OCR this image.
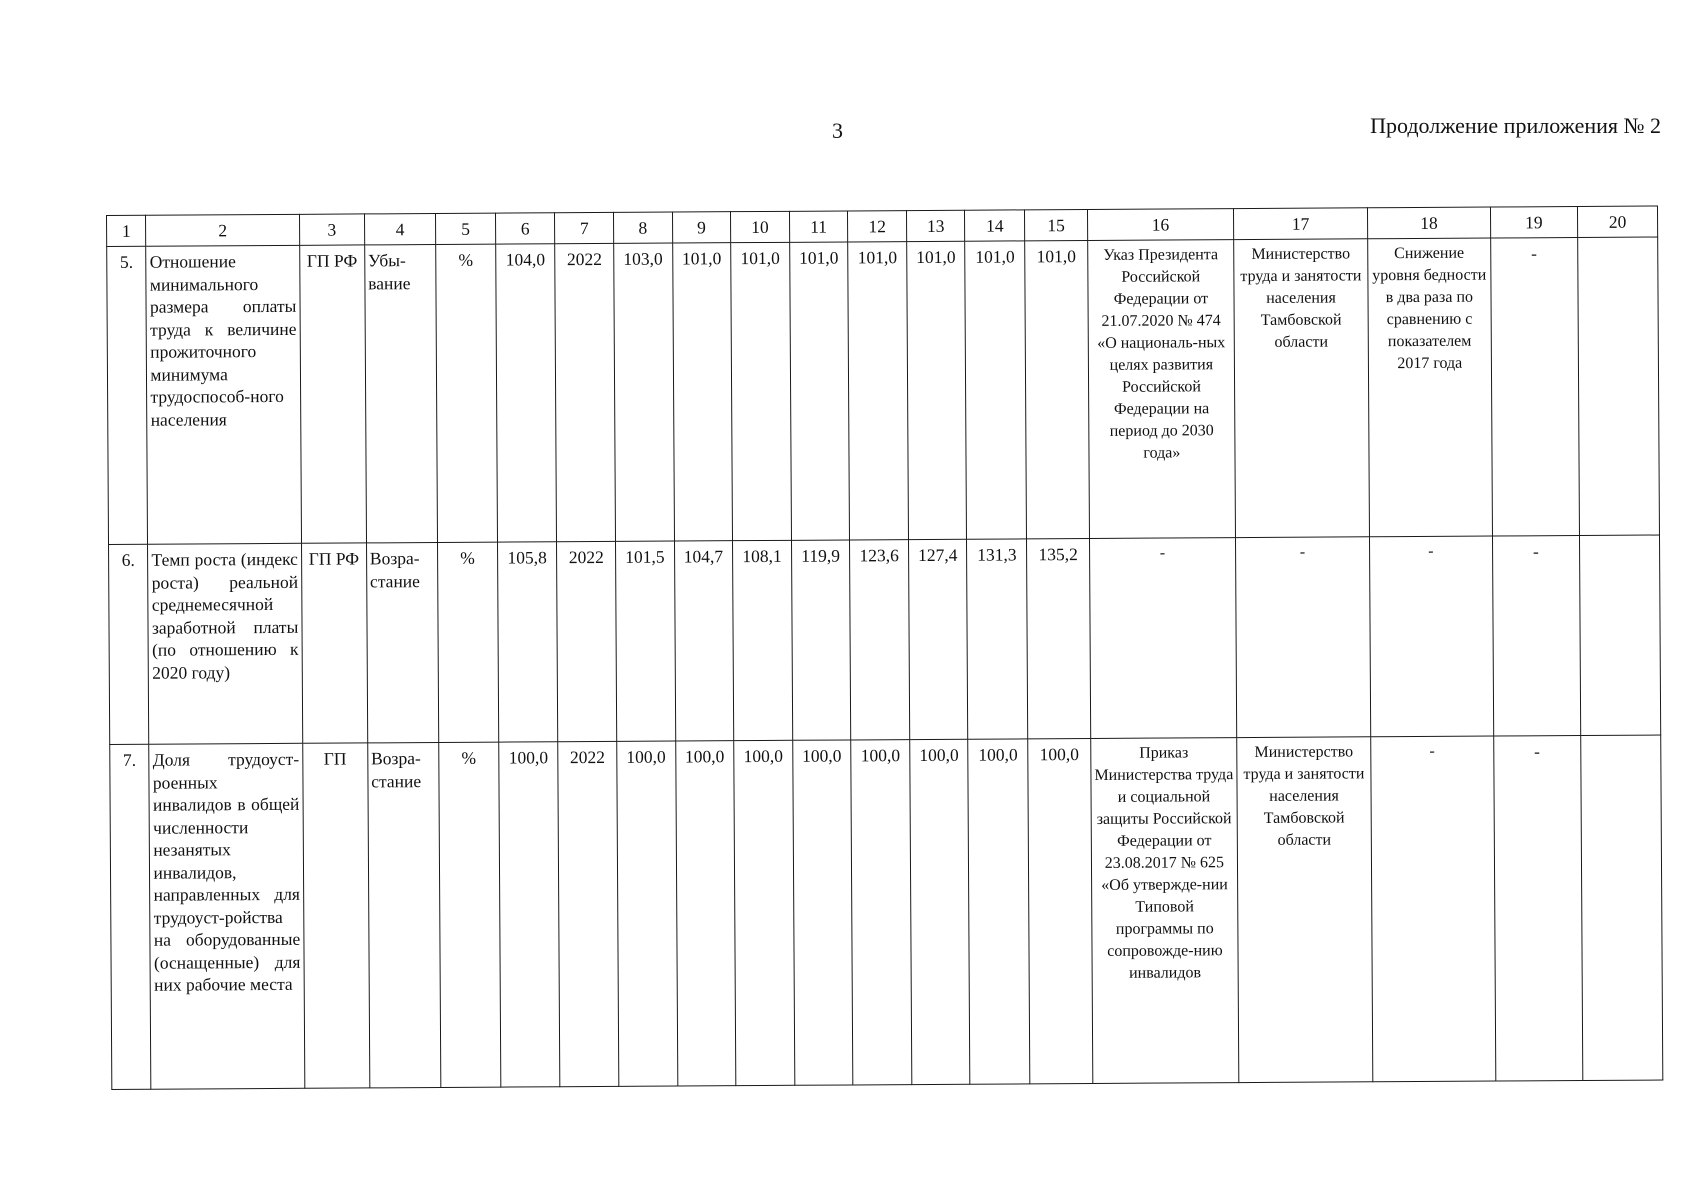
3	Продолжение приложения № 2
1	2	3	4	5	6	7	8	9	10	11	12	13	14	15	16	17	18	19	20
5.	Отношение минимального размера оплаты труда к величине прожиточного минимума трудоспособ-ного населения	ГП РФ	Убы-вание	%	104,0	2022	103,0	101,0	101,0	101,0	101,0	101,0	101,0	101,0	Указ Президента Российской Федерации от 21.07.2020 № 474 «О националь-ных целях развития Российской Федерации на период до 2030 года»	Министерство труда и занятости населения Тамбовской области	Снижение уровня бедности в два раза по сравнению с показателем 2017 года	-	
6.	Темп роста (индекс роста) реальной среднемесячной заработной платы (по отношению к 2020 году)	ГП РФ	Возра-стание	%	105,8	2022	101,5	104,7	108,1	119,9	123,6	127,4	131,3	135,2	-	-	-	-	
7.	Доля трудоуст-роенных инвалидов в общей численности незанятых инвалидов, направленных для трудоуст-ройства на оборудованные (оснащенные) для них рабочие места	ГП	Возра-стание	%	100,0	2022	100,0	100,0	100,0	100,0	100,0	100,0	100,0	100,0	Приказ Министерства труда и социальной защиты Российской Федерации от 23.08.2017 № 625 «Об утвержде-нии Типовой программы по сопровожде-нию инвалидов	Министерство труда и занятости населения Тамбовской области	-	-	
